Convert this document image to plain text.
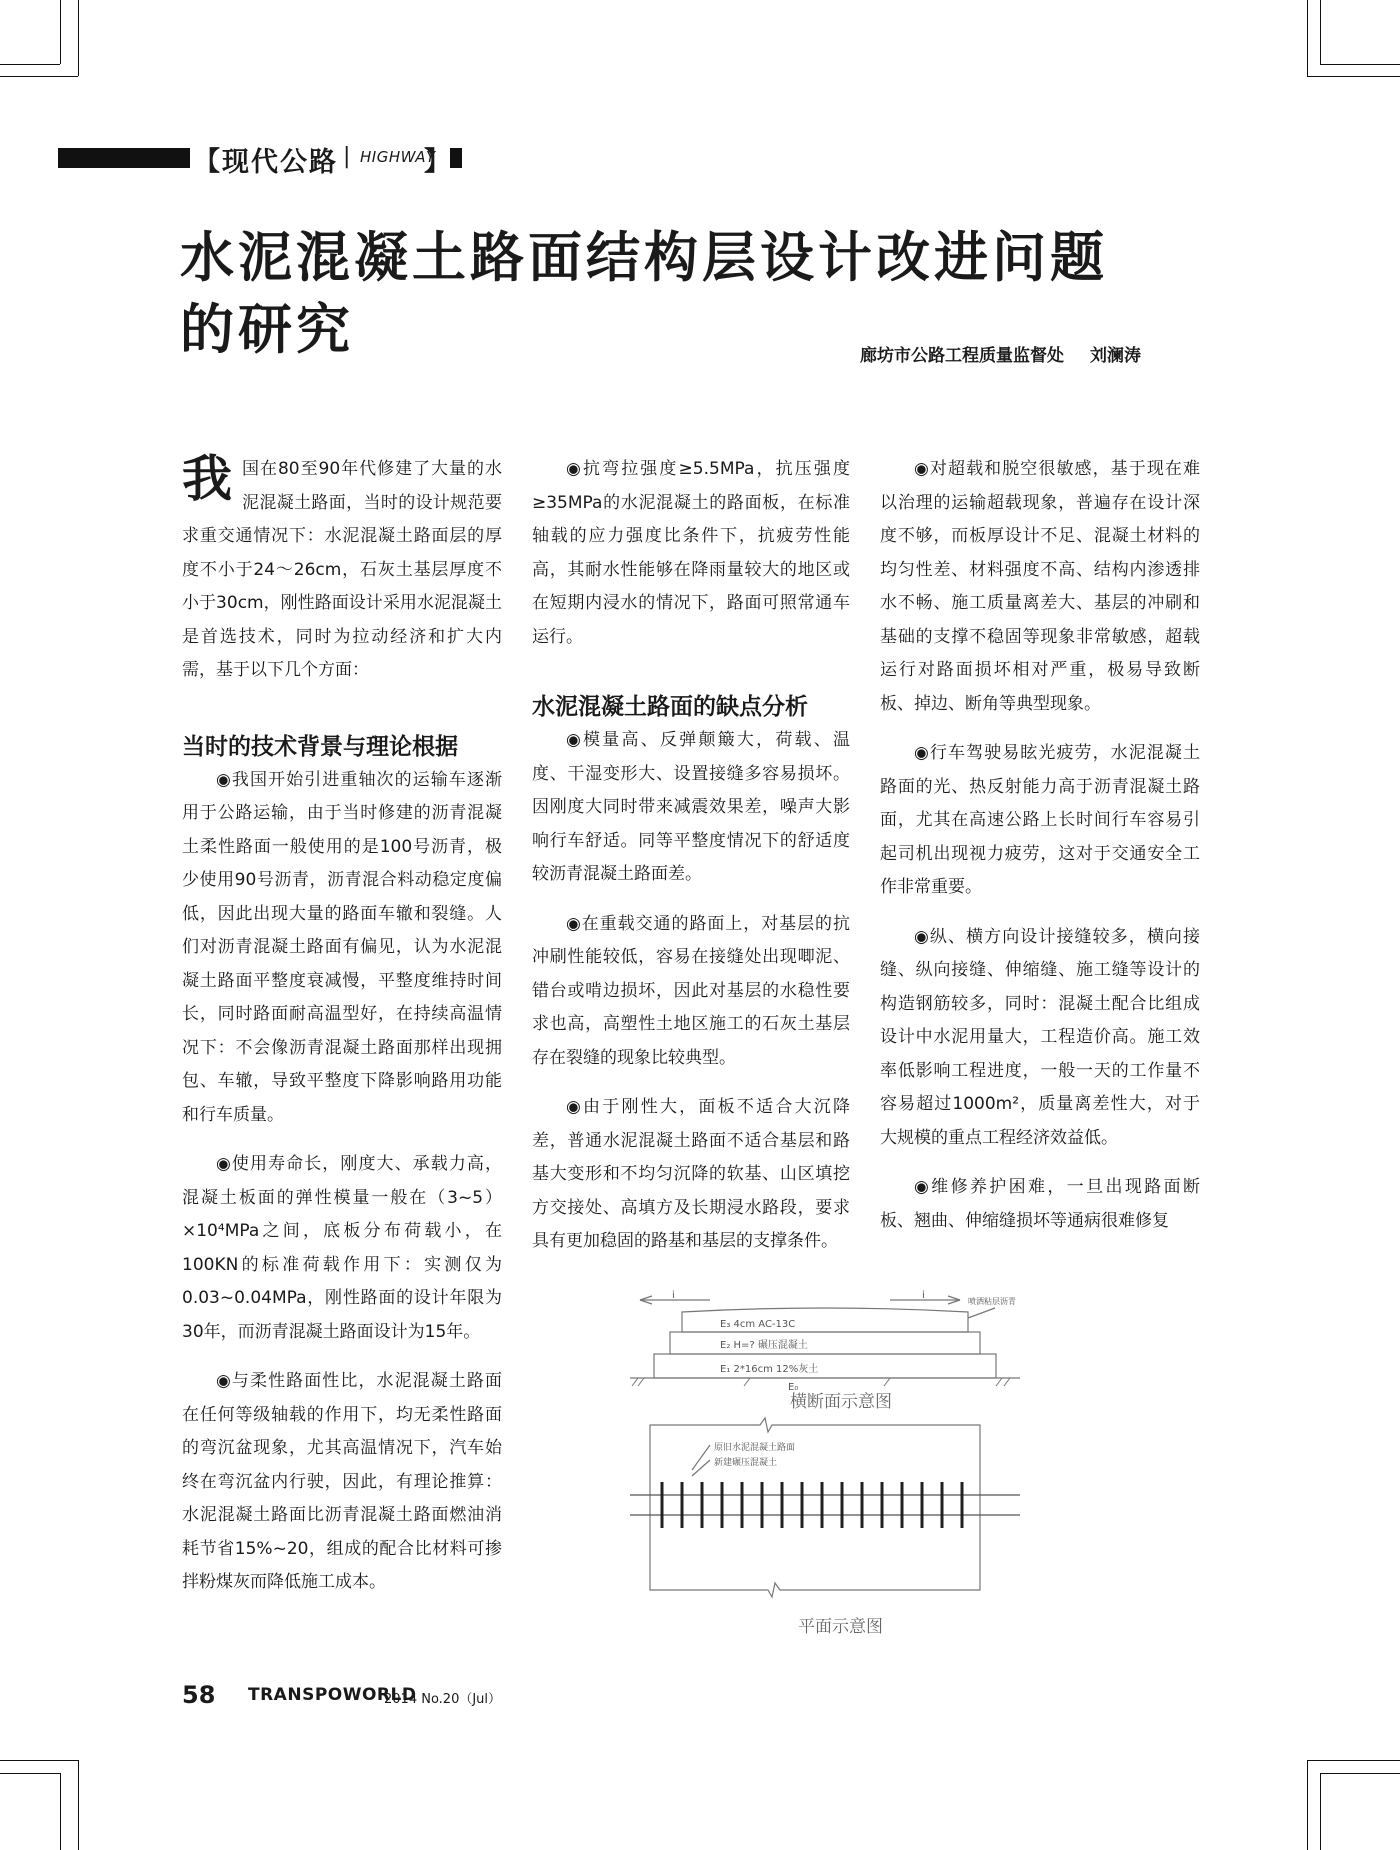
【 现代公路 | HIGHWAY
】
水泥混凝土路面结构层设计改进问题
的研究	廊坊市公路工程质量监督处 刘澜涛

我国在80至90年代修建了大量的水泥混凝土路面，当时的设计规范要求重交通情况下：水泥混凝土路面层的厚度不小于24～26cm，石灰土基层厚度不小于30cm，刚性路面设计采用水泥混凝土是首选技术，同时为拉动经济和扩大内需，基于以下几个方面：

当时的技术背景与理论根据

◉我国开始引进重轴次的运输车逐渐用于公路运输，由于当时修建的沥青混凝土柔性路面一般使用的是100号沥青，极少使用90号沥青，沥青混合料动稳定度偏低，因此出现大量的路面车辙和裂缝。人们对沥青混凝土路面有偏见，认为水泥混凝土路面平整度衰减慢，平整度维持时间长，同时路面耐高温型好，在持续高温情况下：不会像沥青混凝土路面那样出现拥包、车辙，导致平整度下降影响路用功能和行车质量。

◉使用寿命长，刚度大、承载力高，混凝土板面的弹性模量一般在（3~5）×10⁴MPa之间，底板分布荷载小，在100KN的标准荷载作用下：实测仅为0.03~0.04MPa，刚性路面的设计年限为30年，而沥青混凝土路面设计为15年。

◉与柔性路面性比，水泥混凝土路面在任何等级轴载的作用下，均无柔性路面的弯沉盆现象，尤其高温情况下，汽车始终在弯沉盆内行驶，因此，有理论推算：水泥混凝土路面比沥青混凝土路面燃油消耗节省15%~20，组成的配合比材料可掺拌粉煤灰而降低施工成本。

◉抗弯拉强度≥5.5MPa，抗压强度≥35MPa的水泥混凝土的路面板，在标准轴载的应力强度比条件下，抗疲劳性能高，其耐水性能够在降雨量较大的地区或在短期内浸水的情况下，路面可照常通车运行。

水泥混凝土路面的缺点分析

◉模量高、反弹颠簸大，荷载、温度、干湿变形大、设置接缝多容易损坏。因刚度大同时带来减震效果差，噪声大影响行车舒适。同等平整度情况下的舒适度较沥青混凝土路面差。

◉在重载交通的路面上，对基层的抗冲刷性能较低，容易在接缝处出现唧泥、错台或啃边损坏，因此对基层的水稳性要求也高，高塑性土地区施工的石灰土基层存在裂缝的现象比较典型。

◉由于刚性大，面板不适合大沉降差，普通水泥混凝土路面不适合基层和路基大变形和不均匀沉降的软基、山区填挖方交接处、高填方及长期浸水路段，要求具有更加稳固的路基和基层的支撑条件。

◉对超载和脱空很敏感，基于现在难以治理的运输超载现象，普遍存在设计深度不够，而板厚设计不足、混凝土材料的均匀性差、材料强度不高、结构内渗透排水不畅、施工质量离差大、基层的冲刷和基础的支撑不稳固等现象非常敏感，超载运行对路面损坏相对严重，极易导致断板、掉边、断角等典型现象。

◉行车驾驶易眩光疲劳，水泥混凝土路面的光、热反射能力高于沥青混凝土路面，尤其在高速公路上长时间行车容易引起司机出现视力疲劳，这对于交通安全工作非常重要。

◉纵、横方向设计接缝较多，横向接缝、纵向接缝、伸缩缝、施工缝等设计的构造钢筋较多，同时：混凝土配合比组成设计中水泥用量大，工程造价高。施工效率低影响工程进度，一般一天的工作量不容易超过1000m²，质量离差性大，对于大规模的重点工程经济效益低。

◉维修养护困难，一旦出现路面断板、翘曲、伸缩缝损坏等通病很难修复

i	i
E₃ 4cm AC-13C
E₂ H=? 碾压混凝土
E₁ 2*16cm 12%灰土
E₀
喷洒粘层沥青
原旧水泥混凝土路面
新建碾压混凝土
横断面示意图
平面示意图
58 TRANSPOWORLD
2014 No.20（Jul）
